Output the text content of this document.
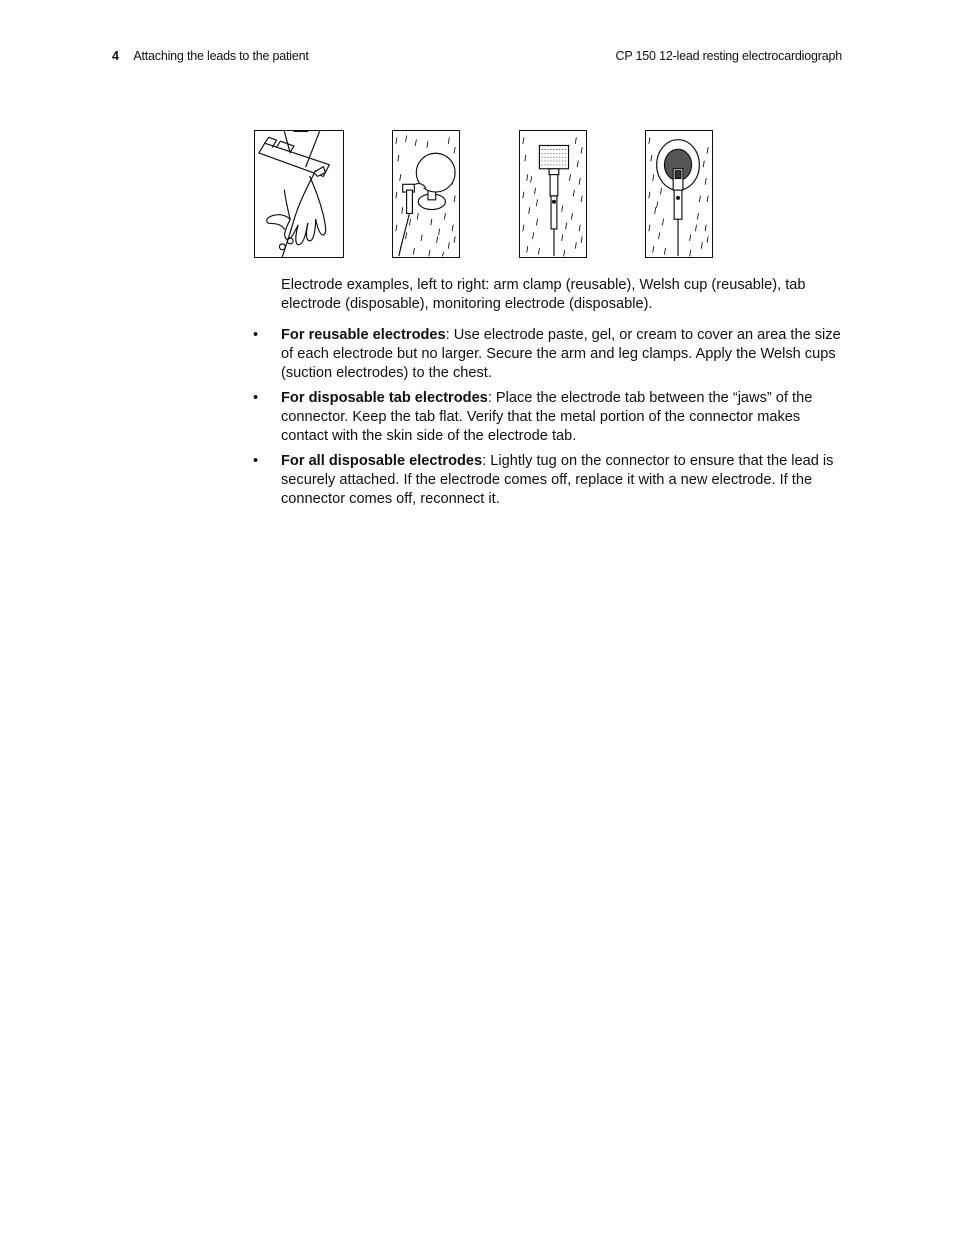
4 Attaching the leads to the patient	CP 150 12-lead resting electrocardiograph
Electrode examples, left to right: arm clamp (reusable), Welsh cup (reusable), tab electrode (disposable), monitoring electrode (disposable).
• For reusable electrodes: Use electrode paste, gel, or cream to cover an area the size of each electrode but no larger. Secure the arm and leg clamps. Apply the Welsh cups (suction electrodes) to the chest.
• For disposable tab electrodes: Place the electrode tab between the “jaws” of the connector. Keep the tab flat. Verify that the metal portion of the connector makes contact with the skin side of the electrode tab.
• For all disposable electrodes: Lightly tug on the connector to ensure that the lead is securely attached. If the electrode comes off, replace it with a new electrode. If the connector comes off, reconnect it.
